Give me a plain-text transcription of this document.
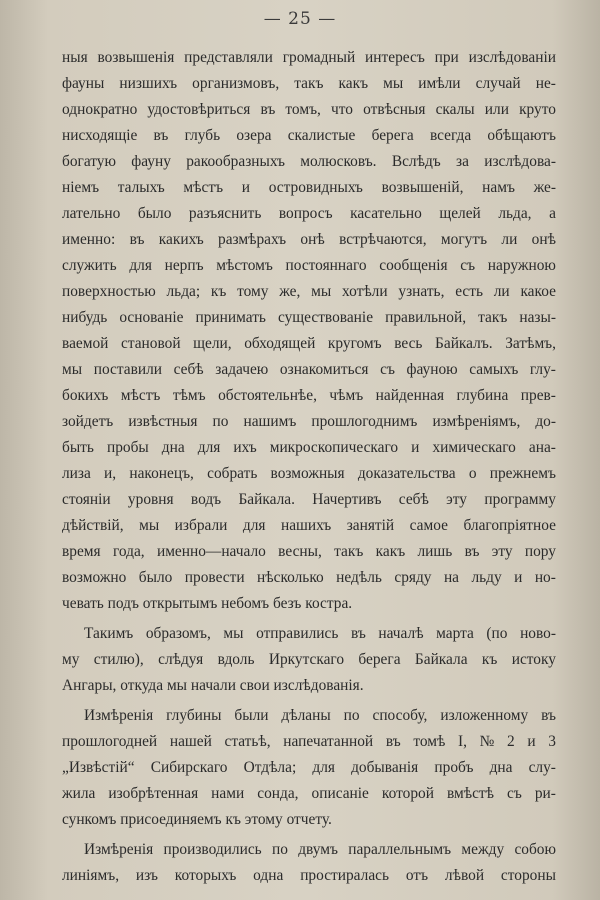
— 25 —
ныя возвышенія представляли громадный интересъ при изслѣдованіи
фауны низшихъ организмовъ, такъ какъ мы имѣли случай не-
однократно удостовѣриться въ томъ, что отвѣсныя скалы или круто
нисходящіе въ глубь озера скалистые берега всегда обѣщаютъ
богатую фауну ракообразныхъ молюсковъ. Вслѣдъ за изслѣдова-
ніемъ талыхъ мѣстъ и островидныхъ возвышеній, намъ же-
лательно было разъяснить вопросъ касательно щелей льда, а
именно: въ какихъ размѣрахъ онѣ встрѣчаются, могутъ ли онѣ
служить для нерпъ мѣстомъ постояннаго сообщенія съ наружною
поверхностью льда; къ тому же, мы хотѣли узнать, есть ли какое
нибудь основаніе принимать существованіе правильной, такъ назы-
ваемой становой щели, обходящей кругомъ весь Байкалъ. Затѣмъ,
мы поставили себѣ задачею ознакомиться съ фауною самыхъ глу-
бокихъ мѣстъ тѣмъ обстоятельнѣе, чѣмъ найденная глубина прев-
зойдетъ извѣстныя по нашимъ прошлогоднимъ измѣреніямъ, до-
быть пробы дна для ихъ микроскопическаго и химическаго ана-
лиза и, наконецъ, собрать возможныя доказательства о прежнемъ
стояніи уровня водъ Байкала. Начертивъ себѣ эту программу
дѣйствій, мы избрали для нашихъ занятій самое благопріятное
время года, именно—начало весны, такъ какъ лишь въ эту пору
возможно было провести нѣсколько недѣль сряду на льду и но-
чевать подъ открытымъ небомъ безъ костра.
Такимъ образомъ, мы отправились въ началѣ марта (по ново-
му стилю), слѣдуя вдоль Иркутскаго берега Байкала къ истоку
Ангары, откуда мы начали свои изслѣдованія.
Измѣренія глубины были дѣланы по способу, изложенному въ
прошлогодней нашей статьѣ, напечатанной въ томѣ I, № 2 и 3
„Извѣстій“ Сибирскаго Отдѣла; для добыванія пробъ дна слу-
жила изобрѣтенная нами сонда, описаніе которой вмѣстѣ съ ри-
сункомъ присоединяемъ къ этому отчету.
Измѣренія производились по двумъ параллельнымъ между собою
линіямъ, изъ которыхъ одна простиралась отъ лѣвой стороны
